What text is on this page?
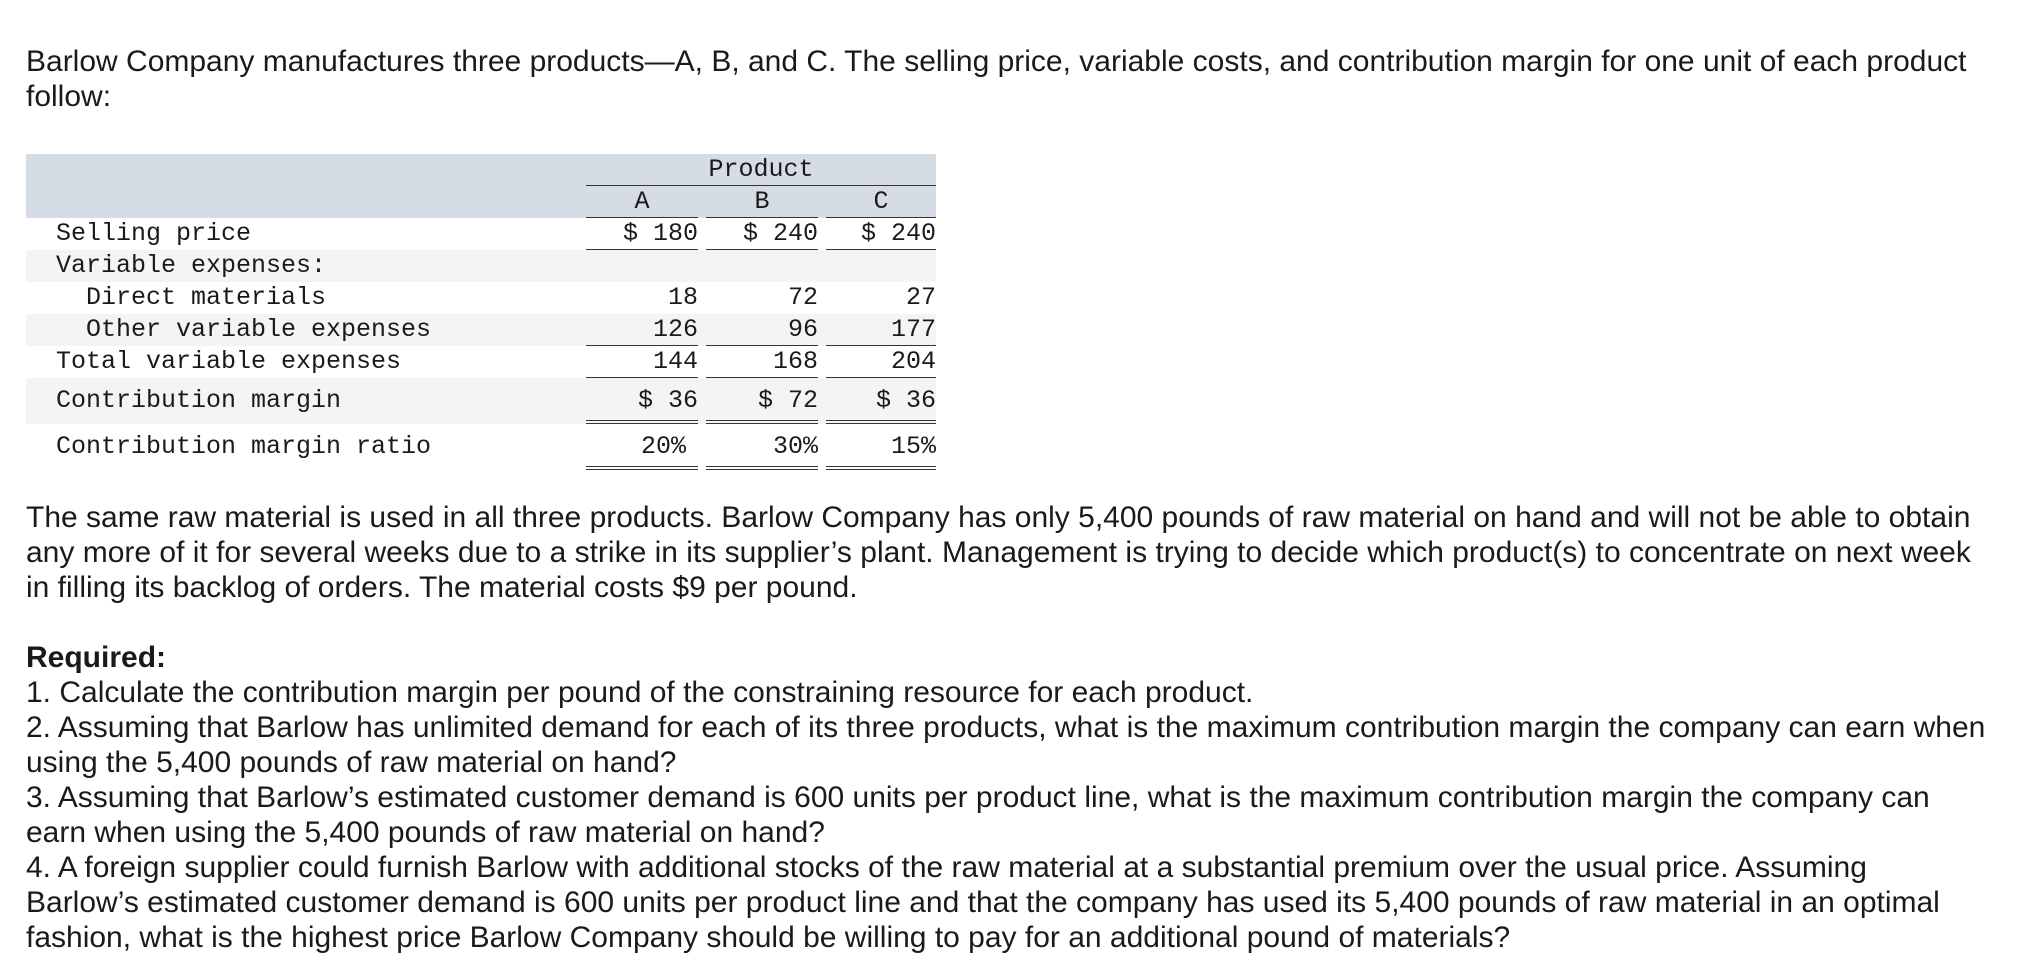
Barlow Company manufactures three products—A, B, and C. The selling price, variable costs, and contribution margin for one unit of each product follow:

Product
A	B	C
Selling price	$ 180	$ 240	$ 240
Variable expenses:
Direct materials	18	72	27
Other variable expenses	126	96	177
Total variable expenses	144	168	204
Contribution margin	$ 36	$ 72	$ 36
Contribution margin ratio	20%	30%	15%

The same raw material is used in all three products. Barlow Company has only 5,400 pounds of raw material on hand and will not be able to obtain any more of it for several weeks due to a strike in its supplier’s plant. Management is trying to decide which product(s) to concentrate on next week in filling its backlog of orders. The material costs $9 per pound.

Required:
1. Calculate the contribution margin per pound of the constraining resource for each product.
2. Assuming that Barlow has unlimited demand for each of its three products, what is the maximum contribution margin the company can earn when using the 5,400 pounds of raw material on hand?
3. Assuming that Barlow’s estimated customer demand is 600 units per product line, what is the maximum contribution margin the company can earn when using the 5,400 pounds of raw material on hand?
4. A foreign supplier could furnish Barlow with additional stocks of the raw material at a substantial premium over the usual price. Assuming Barlow’s estimated customer demand is 600 units per product line and that the company has used its 5,400 pounds of raw material in an optimal fashion, what is the highest price Barlow Company should be willing to pay for an additional pound of materials?
